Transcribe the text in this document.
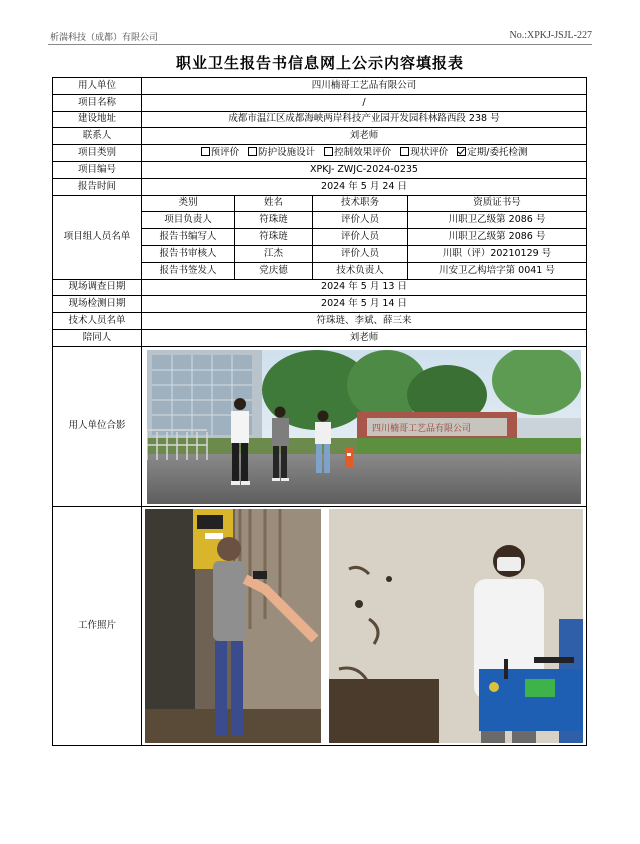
析湍科技（成都）有限公司	No.:XPKJ-JSJL-227
职业卫生报告书信息网上公示内容填报表
用人单位	四川楠哥工艺品有限公司			
项目名称	/			
建设地址	成都市温江区成都海峡两岸科技产业园开发园科林路西段 238 号			
联系人	刘老师			
项目类别	预评价 防护设施设计 控制效果评价 现状评价 定期/委托检测			
项目编号	XPKJ- ZWJC-2024-0235			
报告时间	2024 年 5 月 24 日			
项目组人员名单	类别	姓名	技术职务	资质证书号
	项目负责人	符珠琏	评价人员	川职卫乙级第 2086 号
	报告书编写人	符珠琏	评价人员	川职卫乙级第 2086 号
	报告书审核人	江杰	评价人员	川职（评）20210129 号
	报告书签发人	党庆德	技术负责人	川安卫乙构培字第 0041 号
现场调查日期	2024 年 5 月 13 日			
现场检测日期	2024 年 5 月 14 日			
技术人员名单	符珠琏、李斌、薛三来			
陪同人	刘老师			
用人单位合影	四川楠哥工艺品有限公司			

工作照片	
